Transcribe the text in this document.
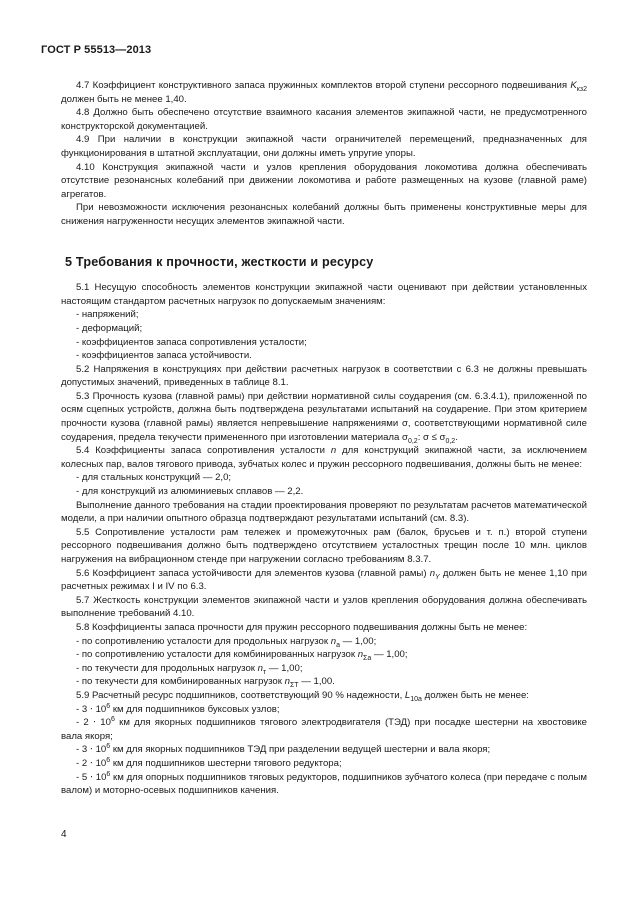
ГОСТ Р 55513—2013

4.7 Коэффициент конструктивного запаса пружинных комплектов второй ступени рессорного подвешивания $K_{кз2}$ должен быть не менее 1,40.

4.8 Должно быть обеспечено отсутствие взаимного касания элементов экипажной части, не предусмотренного конструкторской документацией.

4.9 При наличии в конструкции экипажной части ограничителей перемещений, предназначенных для функционирования в штатной эксплуатации, они должны иметь упругие упоры.

4.10 Конструкция экипажной части и узлов крепления оборудования локомотива должна обеспечивать отсутствие резонансных колебаний при движении локомотива и работе размещенных на кузове (главной раме) агрегатов.

При невозможности исключения резонансных колебаний должны быть применены конструктивные меры для снижения нагруженности несущих элементов экипажной части.

5 Требования к прочности, жесткости и ресурсу

5.1 Несущую способность элементов конструкции экипажной части оценивают при действии установленных настоящим стандартом расчетных нагрузок по допускаемым значениям:

- напряжений;

- деформаций;

- коэффициентов запаса сопротивления усталости;

- коэффициентов запаса устойчивости.

5.2 Напряжения в конструкциях при действии расчетных нагрузок в соответствии с 6.3 не должны превышать допустимых значений, приведенных в таблице 8.1.

5.3 Прочность кузова (главной рамы) при действии нормативной силы соударения (см. 6.3.4.1), приложенной по осям сцепных устройств, должна быть подтверждена результатами испытаний на соударение. При этом критерием прочности кузова (главной рамы) является непревышение напряжениями σ, соответствующими нормативной силе соударения, предела текучести примененного при изготовлении материала $\sigma_{0,2}$: $\sigma \le \sigma_{0,2}$.

5.4 Коэффициенты запаса сопротивления усталости n для конструкций экипажной части, за исключением колесных пар, валов тягового привода, зубчатых колес и пружин рессорного подвешивания, должны быть не менее:

- для стальных конструкций — 2,0;

- для конструкций из алюминиевых сплавов — 2,2.

Выполнение данного требования на стадии проектирования проверяют по результатам расчетов математической модели, а при наличии опытного образца подтверждают результатами испытаний (см. 8.3).

5.5 Сопротивление усталости рам тележек и промежуточных рам (балок, брусьев и т. п.) второй ступени рессорного подвешивания должно быть подтверждено отсутствием усталостных трещин после 10 млн. циклов нагружения на вибрационном стенде при нагружении согласно требованиям 8.3.7.

5.6 Коэффициент запаса устойчивости для элементов кузова (главной рамы) $n_Y$ должен быть не менее 1,10 при расчетных режимах I и IV по 6.3.

5.7 Жесткость конструкции элементов экипажной части и узлов крепления оборудования должна обеспечивать выполнение требований 4.10.

5.8 Коэффициенты запаса прочности для пружин рессорного подвешивания должны быть не менее:

- по сопротивлению усталости для продольных нагрузок $n_a$ — 1,00;

- по сопротивлению усталости для комбинированных нагрузок $n_{\Sigma a}$ — 1,00;

- по текучести для продольных нагрузок $n_т$ — 1,00;

- по текучести для комбинированных нагрузок $n_{\Sigma T}$ — 1,00.

5.9 Расчетный ресурс подшипников, соответствующий 90 % надежности, $L_{10a}$ должен быть не менее:

- $3 \cdot 10^6$ км для подшипников буксовых узлов;

- $2 \cdot 10^6$ км для якорных подшипников тягового электродвигателя (ТЭД) при посадке шестерни на хвостовике вала якоря;

- $3 \cdot 10^6$ км для якорных подшипников ТЭД при разделении ведущей шестерни и вала якоря;

- $2 \cdot 10^6$ км для подшипников шестерни тягового редуктора;

- $5 \cdot 10^6$ км для опорных подшипников тяговых редукторов, подшипников зубчатого колеса (при передаче с полым валом) и моторно-осевых подшипников качения.

4
